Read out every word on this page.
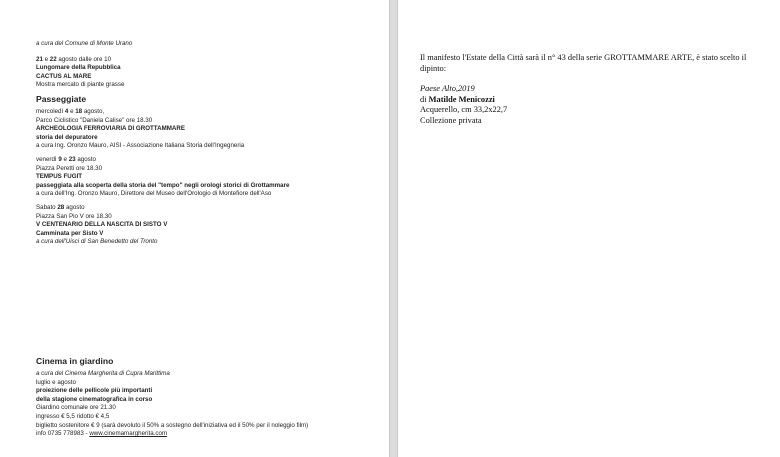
a cura del Comune di Monte Urano

21 e 22 agosto dalle ore 10

Lungomare della Repubblica

CACTUS AL MARE

Mostra mercato di piante grasse

Passeggiate

mercoledì 4 e 18 agosto,

Parco Ciclistico "Daniela Calise" ore 18.30

ARCHEOLOGIA FERROVIARIA DI GROTTAMMARE

storia del depuratore

a cura Ing. Oronzo Mauro, AISI - Associazione Italiana Storia dell'Ingegneria

venerdì 9 e 23 agosto

Piazza Peretti ore 18.30

TEMPUS FUGIT

passeggiata alla scoperta della storia del "tempo" negli orologi storici di Grottammare

a cura dell'Ing. Oronzo Mauro, Direttore del Museo dell'Orologio di Montefiore dell'Aso

Sabato 28 agosto

Piazza San Pio V ore 18.30

V CENTENARIO DELLA NASCITA DI SISTO V

Camminata per Sisto V

a cura dell'Uisci di San Benedetto del Tronto

Cinema in giardino

a cura del Cinema Margherita di Cupra Marittima

luglio e agosto

proiezione delle pellicole più importanti

della stagione cinematografica in corso

Giardino comunale ore 21.30

ingresso € 5,5 ridotto € 4,5

biglietto sostenitore € 9 (sarà devoluto il 50% a sostegno dell'iniziativa ed il 50% per il noleggio film)

info 0735 778983 - www.cinemamargherita.com

Il manifesto l'Estate della Città sarà il n° 43 della serie GROTTAMMARE ARTE, è stato scelto il

dipinto:

Paese Alto,2019

di Matilde Menicozzi

Acquerello, cm 33,2x22,7

Collezione privata
